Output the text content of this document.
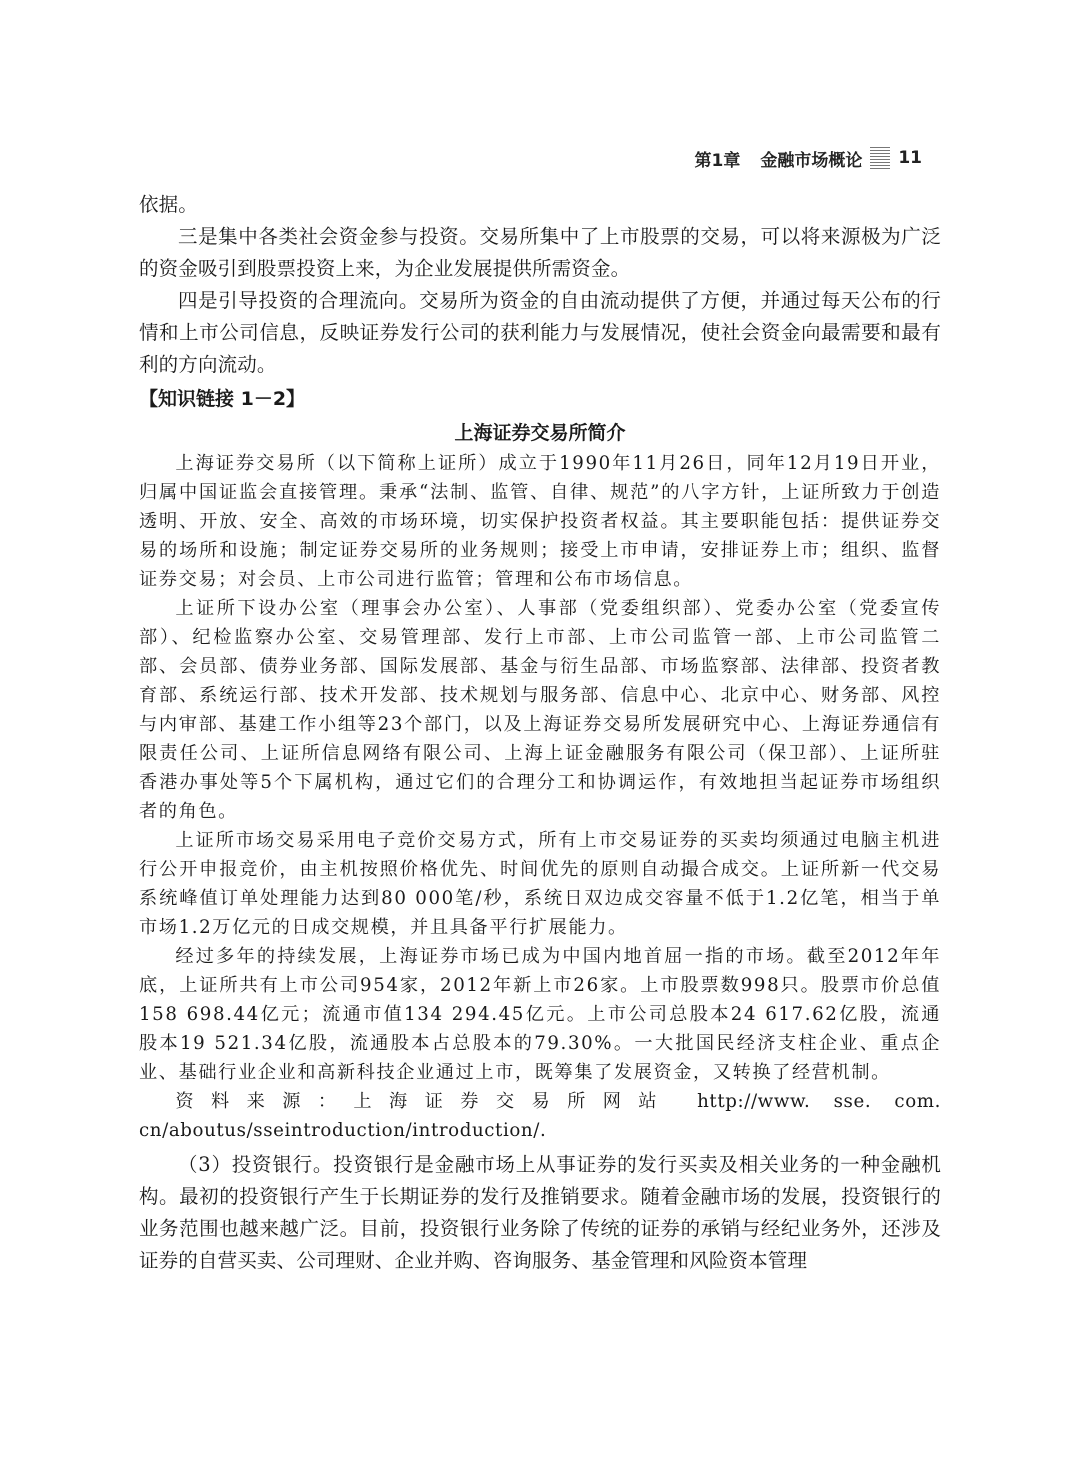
第1章 金融市场概论 11

依据。

三是集中各类社会资金参与投资。交易所集中了上市股票的交易，可以将来源极为广泛的资金吸引到股票投资上来，为企业发展提供所需资金。

四是引导投资的合理流向。交易所为资金的自由流动提供了方便，并通过每天公布的行情和上市公司信息，反映证券发行公司的获利能力与发展情况，使社会资金向最需要和最有利的方向流动。

【知识链接 1－2】
上海证券交易所简介

上海证券交易所（以下简称上证所）成立于1990年11月26日，同年12月19日开业，归属中国证监会直接管理。秉承“法制、监管、自律、规范”的八字方针，上证所致力于创造透明、开放、安全、高效的市场环境，切实保护投资者权益。其主要职能包括：提供证券交易的场所和设施；制定证券交易所的业务规则；接受上市申请，安排证券上市；组织、监督证券交易；对会员、上市公司进行监管；管理和公布市场信息。

上证所下设办公室（理事会办公室）、人事部（党委组织部）、党委办公室（党委宣传部）、纪检监察办公室、交易管理部、发行上市部、上市公司监管一部、上市公司监管二部、会员部、债券业务部、国际发展部、基金与衍生品部、市场监察部、法律部、投资者教育部、系统运行部、技术开发部、技术规划与服务部、信息中心、北京中心、财务部、风控与内审部、基建工作小组等23个部门，以及上海证券交易所发展研究中心、上海证券通信有限责任公司、上证所信息网络有限公司、上海上证金融服务有限公司（保卫部）、上证所驻香港办事处等5个下属机构，通过它们的合理分工和协调运作，有效地担当起证券市场组织者的角色。

上证所市场交易采用电子竞价交易方式，所有上市交易证券的买卖均须通过电脑主机进行公开申报竞价，由主机按照价格优先、时间优先的原则自动撮合成交。上证所新一代交易系统峰值订单处理能力达到80 000笔/秒，系统日双边成交容量不低于1.2亿笔，相当于单市场1.2万亿元的日成交规模，并且具备平行扩展能力。

经过多年的持续发展，上海证券市场已成为中国内地首屈一指的市场。截至2012年年底，上证所共有上市公司954家，2012年新上市26家。上市股票数998只。股票市价总值158 698.44亿元；流通市值134 294.45亿元。上市公司总股本24 617.62亿股，流通股本19 521.34亿股，流通股本占总股本的79.30%。一大批国民经济支柱企业、重点企业、基础行业企业和高新科技企业通过上市，既筹集了发展资金，又转换了经营机制。

资料来源：上海证券交易所网站 http://www. sse. com. cn/aboutus/sseintroduction/introduction/.

（3）投资银行。投资银行是金融市场上从事证券的发行买卖及相关业务的一种金融机构。最初的投资银行产生于长期证券的发行及推销要求。随着金融市场的发展，投资银行的业务范围也越来越广泛。目前，投资银行业务除了传统的证券的承销与经纪业务外，还涉及证券的自营买卖、公司理财、企业并购、咨询服务、基金管理和风险资本管理
